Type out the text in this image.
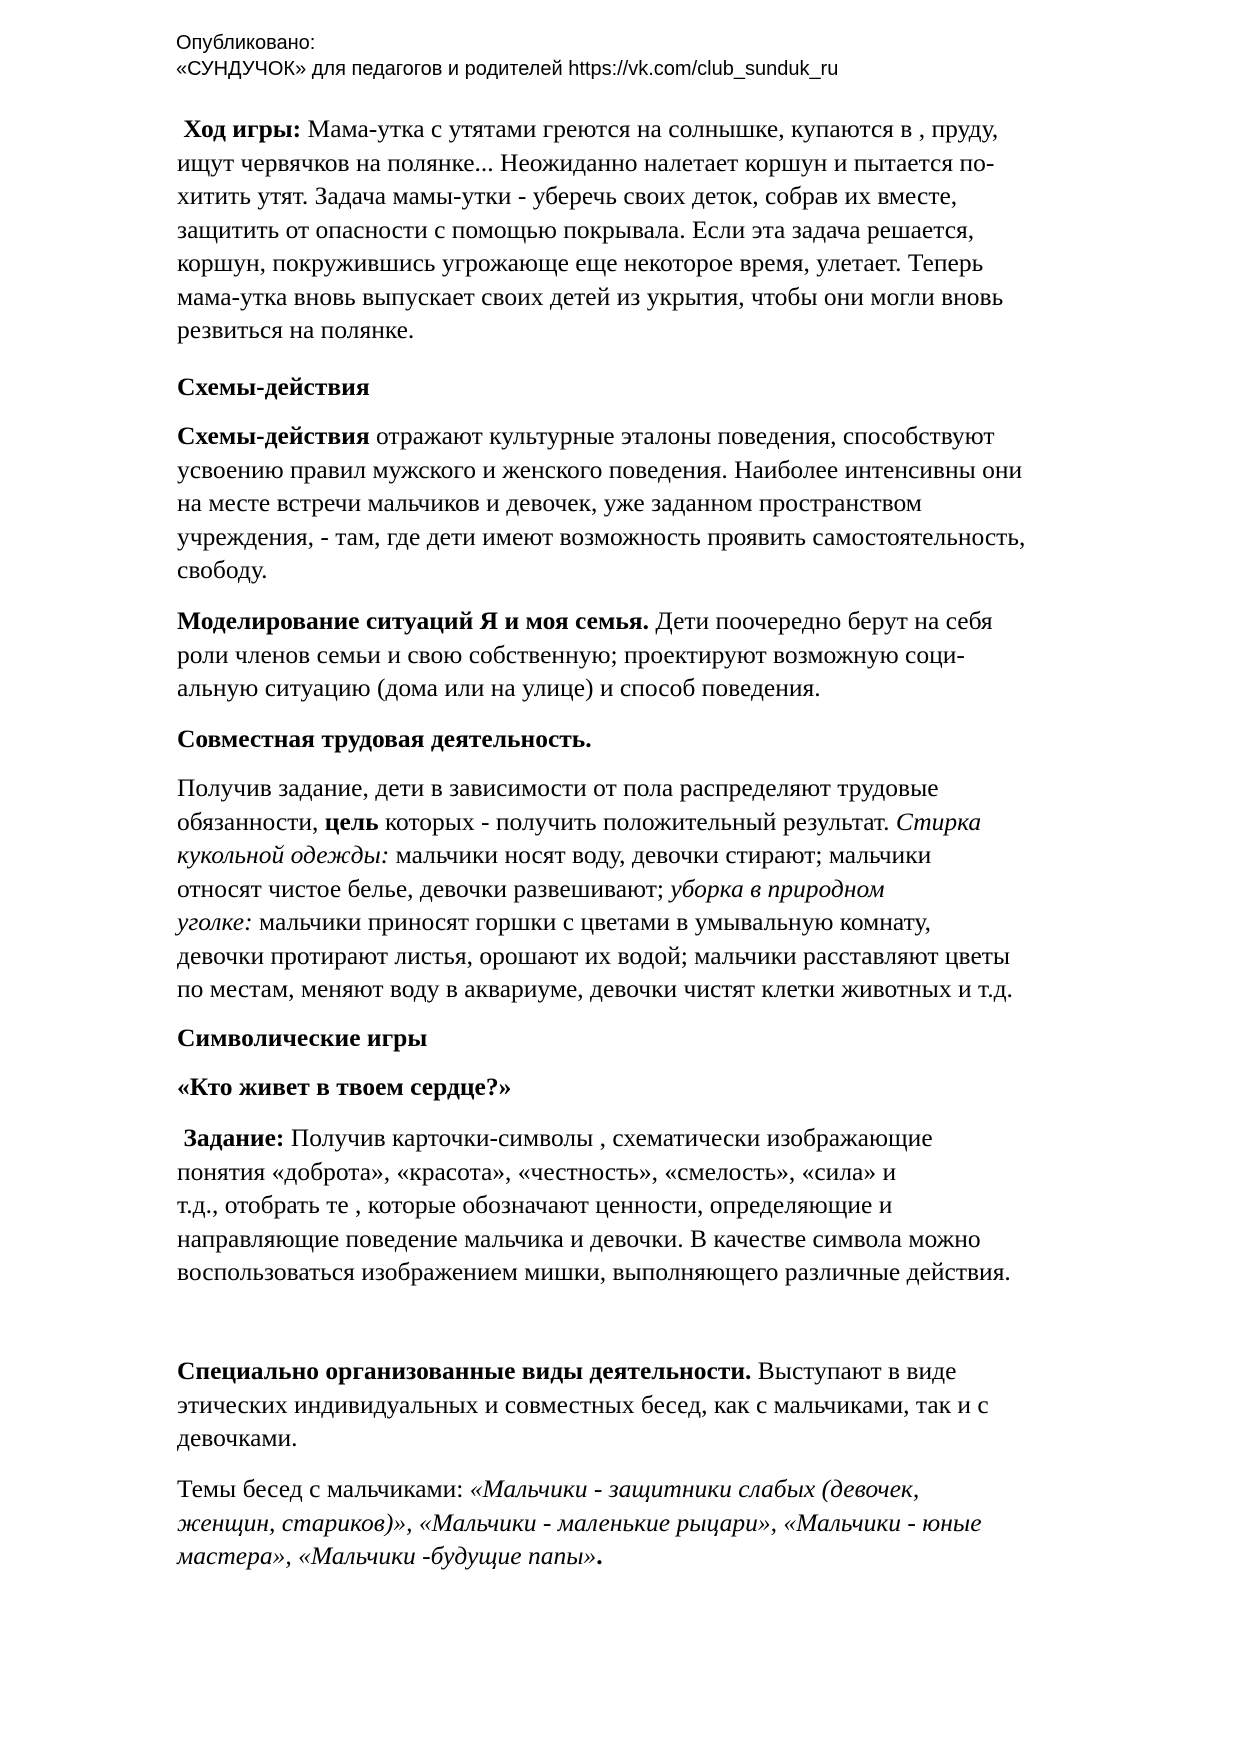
Опубликовано:
«СУНДУЧОК» для педагогов и родителей https://vk.com/club_sunduk_ru
Ход игры: Мама-утка с утятами греются на солнышке, купаются в , пруду,
ищут червячков на полянке... Неожиданно налетает коршун и пытается по-
хитить утят. Задача мамы-утки - уберечь своих деток, собрав их вместе,
защитить от опасности с помощью покрывала. Если эта задача решается,
коршун, покружившись угрожающе еще некоторое время, улетает. Теперь
мама-утка вновь выпускает своих детей из укрытия, чтобы они могли вновь
резвиться на полянке.
Схемы-действия
Схемы-действия отражают культурные эталоны поведения, способствуют
усвоению правил мужского и женского поведения. Наиболее интенсивны они
на месте встречи мальчиков и девочек, уже заданном пространством
учреждения, - там, где дети имеют возможность проявить самостоятельность,
свободу.
Моделирование ситуаций Я и моя семья. Дети поочередно берут на себя
роли членов семьи и свою собственную; проектируют возможную соци-
альную ситуацию (дома или на улице) и способ поведения.
Совместная трудовая деятельность.
Получив задание, дети в зависимости от пола распределяют трудовые
обязанности, цель которых - получить положительный результат. Стирка
кукольной одежды: мальчики носят воду, девочки стирают; мальчики
относят чистое белье, девочки развешивают; уборка в природном
уголке: мальчики приносят горшки с цветами в умывальную комнату,
девочки протирают листья, орошают их водой; мальчики расставляют цветы
по местам, меняют воду в аквариуме, девочки чистят клетки животных и т.д.
Символические игры
«Кто живет в твоем сердце?»
Задание: Получив карточки-символы , схематически изображающие
понятия «доброта», «красота», «честность», «смелость», «сила» и
т.д., отобрать те , которые обозначают ценности, определяющие и
направляющие поведение мальчика и девочки. В качестве символа можно
воспользоваться изображением мишки, выполняющего различные действия.
Специально организованные виды деятельности. Выступают в виде
этических индивидуальных и совместных бесед, как с мальчиками, так и с
девочками.
Темы бесед с мальчиками: «Мальчики - защитники слабых (девочек,
женщин, стариков)», «Мальчики - маленькие рыцари», «Мальчики - юные
мастера», «Мальчики -будущие папы».
